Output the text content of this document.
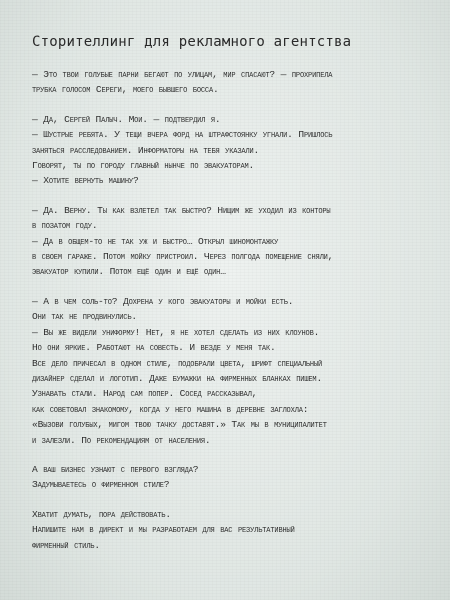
Сторителлинг для рекламного агентства
— Это твои голубые парни бегают по улицам, мир спасают? — прохрипела
трубка голосом Сереги, моего бывшего босса.
— Да, Сергей Палыч. Мои. — подтвердил я.
— Шустрые ребята. У тещи вчера форд на штрафстоянку угнали. Пришлось
заняться расследованием. Информаторы на тебя указали.
Говорят, ты по городу главный нынче по эвакуаторам.
— Хотите вернуть машину?
— Да. Верну. Ты как взлетел так быстро? Нищим же уходил из конторы
в позатом году.
— Да в общем-то не так уж и быстро… Открыл шиномонтажку
в своем гараже. Потом мойку пристроил. Через полгода помещение сняли,
эвакуатор купили. Потом ещё один и ещё один…
— А в чем соль-то? Дохрена у кого эвакуаторы и мойки есть.
Они так не продвинулись.
— Вы же видели униформу! Нет, я не хотел сделать из них клоунов.
Но они яркие. Работают на совесть. И везде у меня так.
Все дело причесал в одном стиле, подобрали цвета, шрифт специальный
дизайнер сделал и логотип. Даже бумажки на фирменных бланках пишем.
Узнавать стали. Народ сам попер. Сосед рассказывал,
как советовал знакомому, когда у него машина в деревне заглохла:
«Вызови голубых, мигом твою тачку доставят.» Так мы в муниципалитет
и залезли. По рекомендациям от населения.
А ваш бизнес узнают с первого взгляда?
Задумываетесь о фирменном стиле?
Хватит думать, пора действовать.
Напишите нам в директ и мы разработаем для вас результативный
фирменный стиль.
